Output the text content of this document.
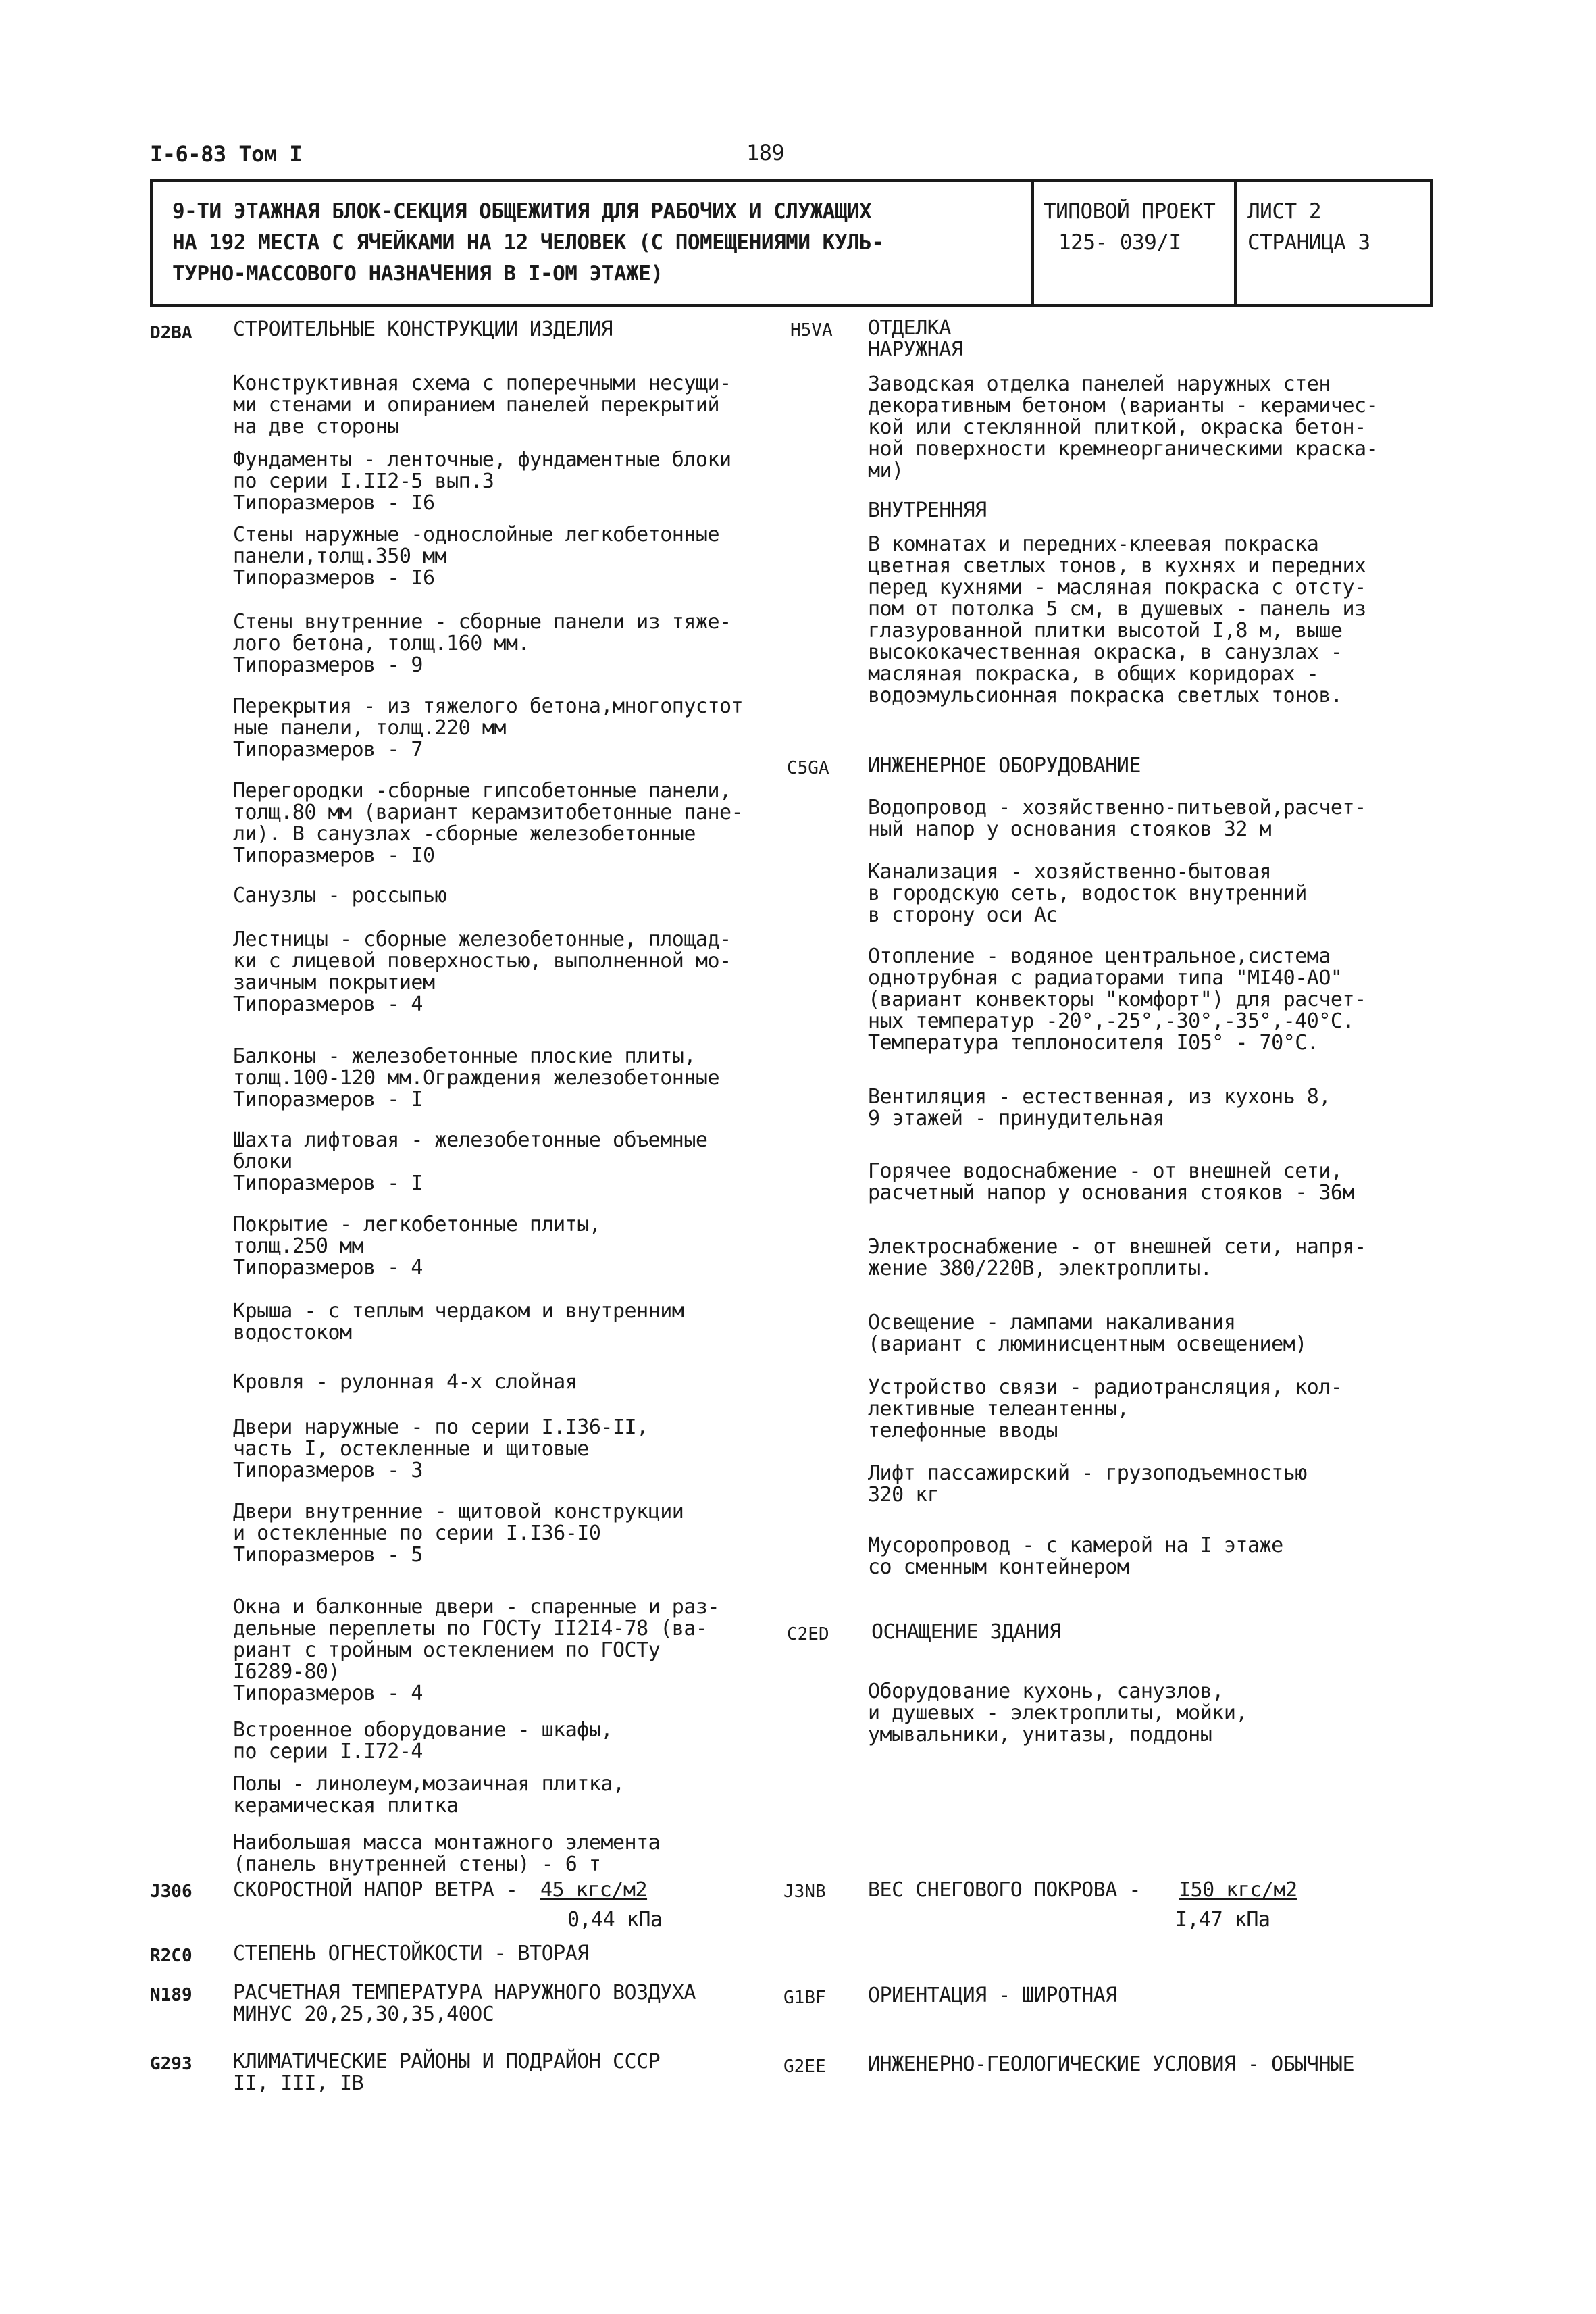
I-6-83 Том I	189
9-ТИ ЭТАЖНАЯ БЛОК-СЕКЦИЯ ОБЩЕЖИТИЯ ДЛЯ РАБОЧИХ И СЛУЖАЩИХ
НА 192 МЕСТА С ЯЧЕЙКАМИ НА 12 ЧЕЛОВЕК (С ПОМЕЩЕНИЯМИ КУЛЬ-
ТУРНО-МАССОВОГО НАЗНАЧЕНИЯ В I-ОМ ЭТАЖЕ)
ТИПОВОЙ ПРОЕКТ
125- 039/I
ЛИСТ 2
СТРАНИЦА 3
D2BA СТРОИТЕЛЬНЫЕ КОНСТРУКЦИИ ИЗДЕЛИЯ
Конструктивная схема с поперечными несущи-
ми стенами и опиранием панелей перекрытий
на две стороны
Фундаменты - ленточные, фундаментные блоки
по серии I.II2-5 вып.3
Типоразмеров - I6
Стены наружные -однослойные легкобетонные
панели,толщ.350 мм
Типоразмеров - I6
Стены внутренние - сборные панели из тяже-
лого бетона, толщ.160 мм.
Типоразмеров - 9
Перекрытия - из тяжелого бетона,многопустот
ные панели, толщ.220 мм
Типоразмеров - 7
Перегородки -сборные гипсобетонные панели,
толщ.80 мм (вариант керамзитобетонные пане-
ли). В санузлах -сборные железобетонные
Типоразмеров - I0
Санузлы - россыпью
Лестницы - сборные железобетонные, площад-
ки с лицевой поверхностью, выполненной мо-
заичным покрытием
Типоразмеров - 4
Балконы - железобетонные плоские плиты,
толщ.100-120 мм.Ограждения железобетонные
Типоразмеров - I
Шахта лифтовая - железобетонные объемные
блоки
Типоразмеров - I
Покрытие - легкобетонные плиты,
толщ.250 мм
Типоразмеров - 4
Крыша - с теплым чердаком и внутренним
водостоком
Кровля - рулонная 4-х слойная
Двери наружные - по серии I.I36-II,
часть I, остекленные и щитовые
Типоразмеров - 3
Двери внутренние - щитовой конструкции
и остекленные по серии I.I36-I0
Типоразмеров - 5
Окна и балконные двери - спаренные и раз-
дельные переплеты по ГОСТу II2I4-78 (ва-
риант с тройным остеклением по ГОСТу
I6289-80)
Типоразмеров - 4
Встроенное оборудование - шкафы,
по серии I.I72-4
Полы - линолеум,мозаичная плитка,
керамическая плитка
Наибольшая масса монтажного элемента
(панель внутренней стены) - 6 т
J306 СКОРОСТНОЙ НАПОР ВЕТРА - 45 кгс/м2
0,44 кПа
R2C0 СТЕПЕНЬ ОГНЕСТОЙКОСТИ - ВТОРАЯ
N189 РАСЧЕТНАЯ ТЕМПЕРАТУРА НАРУЖНОГО ВОЗДУХА
МИНУС 20,25,30,35,40ОС
G293 КЛИМАТИЧЕСКИЕ РАЙОНЫ И ПОДРАЙОН СССР
II, III, IВ
H5VA ОТДЕЛКА
НАРУЖНАЯ
Заводская отделка панелей наружных стен
декоративным бетоном (варианты - керамичес-
кой или стеклянной плиткой, окраска бетон-
ной поверхности кремнеорганическими краска-
ми)
ВНУТРЕННЯЯ
В комнатах и передних-клеевая покраска
цветная светлых тонов, в кухнях и передних
перед кухнями - масляная покраска с отсту-
пом от потолка 5 см, в душевых - панель из
глазурованной плитки высотой I,8 м, выше
высококачественная окраска, в санузлах -
масляная покраска, в общих коридорах -
водоэмульсионная покраска светлых тонов.
C5GA ИНЖЕНЕРНОЕ ОБОРУДОВАНИЕ
Водопровод - хозяйственно-питьевой,расчет-
ный напор у основания стояков 32 м
Канализация - хозяйственно-бытовая
в городскую сеть, водосток внутренний
в сторону оси Ас
Отопление - водяное центральное,система
однотрубная с радиаторами типа "МI40-АО"
(вариант конвекторы "комфорт") для расчет-
ных температур -20°,-25°,-30°,-35°,-40°С.
Температура теплоносителя I05° - 70°С.
Вентиляция - естественная, из кухонь 8,
9 этажей - принудительная
Горячее водоснабжение - от внешней сети,
расчетный напор у основания стояков - 36м
Электроснабжение - от внешней сети, напря-
жение 380/220В, электроплиты.
Освещение - лампами накаливания
(вариант с люминисцентным освещением)
Устройство связи - радиотрансляция, кол-
лективные телеантенны,
телефонные вводы
Лифт пассажирский - грузоподъемностью
320 кг
Мусоропровод - с камерой на I этаже
со сменным контейнером
C2ED ОСНАЩЕНИЕ ЗДАНИЯ
Оборудование кухонь, санузлов,
и душевых - электроплиты, мойки,
умывальники, унитазы, поддоны
J3NB ВЕС СНЕГОВОГО ПОКРОВА - I50 кгс/м2
I,47 кПа
G1BF ОРИЕНТАЦИЯ - ШИРОТНАЯ
G2EE ИНЖЕНЕРНО-ГЕОЛОГИЧЕСКИЕ УСЛОВИЯ - ОБЫЧНЫЕ
